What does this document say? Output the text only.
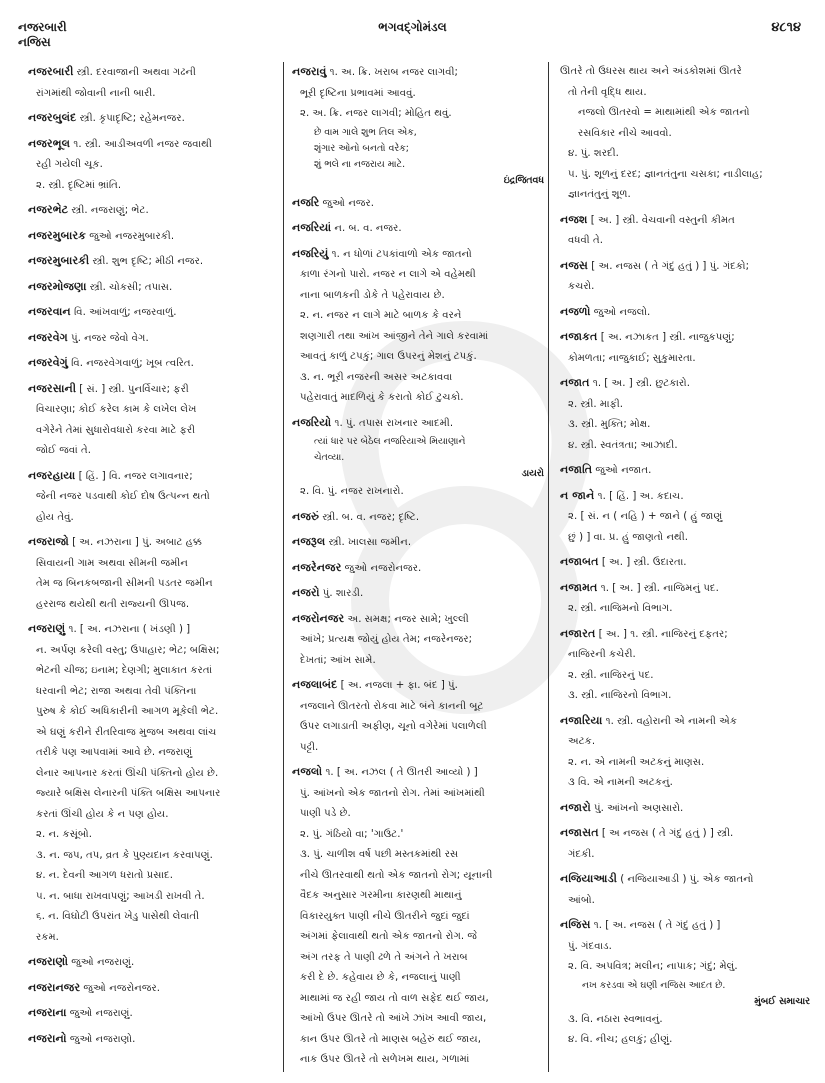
નજરબારી
નજિસ
ભગવદ્ગોમંડલ	૪૮૧૪
નજરબારી સ્ત્રી. દરવાજાની અથવા ગઢની
રાંગમાંથી જોવાની નાની બારી.
નજરબુલંદ સ્ત્રી. કૃપાદૃષ્ટિ; રહેમનજર.
નજરભૂલ ૧. સ્ત્રી. આડીઅવળી નજર જવાથી
રહી ગયેલી ચૂક.
૨. સ્ત્રી. દૃષ્ટિમાં ભ્રાંતિ.
નજરભેટ સ્ત્રી. નજરાણું; ભેટ.
નજરમુબારક જુઓ નજરમુબારકી.
નજરમુબારકી સ્ત્રી. શુભ દૃષ્ટિ; મીઠી નજર.
નજરમોજણા સ્ત્રી. ચોકસી; તપાસ.
નજરવાન વિ. આંખવાળું; નજરવાળું.
નજરવેગ પું. નજર જેવો વેગ.
નજરવેગું વિ. નજરવેગવાળું; ખૂબ ત્વરિત.
નજરસાની [ સં. ] સ્ત્રી. પુનર્વિચાર; ફરી
વિચારણા; કોઈ કરેલ કામ કે લખેલ લેખ
વગેરેને તેમાં સુધારોવધારો કરવા માટે ફરી
જોઈ જવાં તે.
નજરહાયા [ હિં. ] વિ. નજર લગાવનાર;
જેની નજર પડવાથી કોઈ દોષ ઉત્પન્ન થતો
હોય તેવું.
નજરાજો [ અ. નઝરાના ] પું. અબાટ હક્ક
સિવાયની ગામ અથવા સીમની જમીન
તેમ જ બિનકબજાની સીમની પડતર જમીન
હરરાજ થયેથી થતી રાજ્યની ઊપજ.
નજરાણું ૧. [ અ. નઝરાના ( ખંડણી ) ]
ન. અર્પણ કરેલી વસ્તુ; ઉપાહાર; ભેટ; બક્ષિસ;
ભેટની ચીજ; ઇનામ; દેણગી; મુલાકાત કરતાં
ધરવાની ભેટ; રાજા અથવા તેવી પંક્તિના
પુરુષ કે કોઈ અધિકારીની આગળ મૂકેલી ભેટ.
એ ઘણું કરીને રીતરિવાજ મુજબ અથવા લાંચ
તરીકે પણ આપવામાં આવે છે. નજરાણું
લેનાર આપનાર કરતાં ઊંચી પંક્તિનો હોય છે.
જ્યારે બક્ષિસ લેનારની પંક્તિ બક્ષિસ આપનાર
કરતાં ઊંચી હોય કે ન પણ હોય.
૨. ન. કસૂંબો.
૩. ન. જપ, તપ, વ્રત કે પુણ્યદાન કરવાપણું.
૪. ન. દેવની આગળ ધરાતો પ્રસાદ.
૫. ન. બાધા રાખવાપણું; આખડી રાખવી તે.
૬. ન. વિઘોટી ઉપરાંત ખેડુ પાસેથી લેવાતી
રકમ.
નજરાણો જુઓ નજરાણું.
નજરાનજર જુઓ નજરોનજર.
નજરાના જુઓ નજરાણું.
નજરાનો જુઓ નજરાણો.
નજરાવું ૧. અ. ક્રિ. ખરાબ નજર લાગવી;
ભૂરી દૃષ્ટિના પ્રભાવમાં આવવું.
૨. અ. ક્રિ. નજર લાગવી; મોહિત થવું.
છે વામ ગાલે શુભ તિલ એક,
શૃંગાર ઓનો બનતો વરેક;
શું ભલે ના નજરાય માટે.
ઇંદ્રજિતવધ
નજરિ જુઓ નજર.
નજરિયાં ન. બ. વ. નજર.
નજરિયું ૧. ન ધોળાં ટપકાંવાળો એક જાતનો
કાળા રંગનો પારો. નજર ન લાગે એ વહેમથી
નાના બાળકની ડોકે તે પહેરાવાય છે.
૨. ન. નજર ન લાગે માટે બાળક કે વરને
શણગારી તથા આંખ આંજીને તેને ગાલે કરવામાં
આવતું કાળું ટપકું; ગાલ ઉપરનું મેશનું ટપકું.
૩. ન. ભૂરી નજરની અસર અટકાવવા
પહેરાવાતું માદળિયું કે કરાતો કોઈ ટુચકો.
નજરિયો ૧. પું. તપાસ રાખનાર આદમી.
ત્યાં ધાર પર બેઠેલ નજરિયાએ મિયાણાને
ચેતવ્યા.
ડાયરો
૨. વિ. પું. નજર રાખનારો.
નજરું સ્ત્રી. બ. વ. નજર; દૃષ્ટિ.
નજરૂલ સ્ત્રી. ખાલસા જમીન.
નજરેનજર જુઓ નજરોનજર.
નજરો પું. શારડી.
નજરોનજર અ. સમક્ષ; નજર સામે; ખુલ્લી
આંખે; પ્રત્યક્ષ જોયું હોય તેમ; નજરેનજર;
દેખતાં; આંખ સામે.
નજલાબંદ [ અ. નજલા + ફા. બંદ ] પું.
નજલાને ઊતરતો રોકવા માટે બંને કાનની બૂટ
ઉપર લગાડાતી અફીણ, ચૂનો વગેરેમાં પલાળેલી
પટ્ટી.
નજલો ૧. [ અ. નઝલ ( તે ઊતરી આવ્યો ) ]
પું. આંખનો એક જાતનો રોગ. તેમાં આંખમાંથી
પાણી પડે છે.
૨. પું. ગંઠિયો વા; 'ગાઉટ.'
૩. પું. ચાળીશ વર્ષ પછી મસ્તકમાંથી રસ
નીચે ઊતરવાથી થતો એક જાતનો રોગ; યૂનાની
વૈદક અનુસાર ગરમીના કારણથી માથાનું
વિકારયુક્ત પાણી નીચે ઊતરીને જુદાં જુદાં
અંગમાં ફેલાવાથી થતો એક જાતનો રોગ. જે
અંગ તરફ તે પાણી ઢળે તે અંગને તે ખરાબ
કરી દે છે. કહેવાય છે કે, નજલાનું પાણી
માથામાં જ રહી જાય તો વાળ સફેદ થઈ જાય,
આંખો ઉપર ઊતરે તો આંખે ઝાંખ આવી જાય,
કાન ઉપર ઊતરે તો માણસ બહેરું થઈ જાય,
નાક ઉપર ઊતરે તો સળેખમ થાય, ગળામાં
ઊતરે તો ઉધરસ થાય અને અંડકોશમાં ઊતરે
તો તેની વૃદ્ધિ થાય.
નજલો ઊતરવો = માથામાંથી એક જાતનો
રસવિકાર નીચે આવવો.
૪. પું. શરદી.
૫. પું. શૂળનું દરદ; જ્ઞાનતંતુના ચસકા; નાડીલાહ;
જ્ઞાનતંતુનું શૂળ.
નજશ [ અ. ] સ્ત્રી. વેચવાની વસ્તુની કીમત
વધવી તે.
નજસ [ અ. નજસ ( તે ગંદું હતું ) ] પું. ગંદકો;
કચરો.
નજળો જુઓ નજલો.
નજાકત [ અ. નઝાકત ] સ્ત્રી. નાજુકપણું;
કોમળતા; નાજુકાઈ; સુકુમારતા.
નજાત ૧. [ અ. ] સ્ત્રી. છુટકારો.
૨. સ્ત્રી. માફી.
૩. સ્ત્રી. મુક્તિ; મોક્ષ.
૪. સ્ત્રી. સ્વતંત્રતા; આઝાદી.
નજાતિ જુઓ નજાત.
ન જાને ૧. [ હિં. ] અ. કદાચ.
૨. [ સં. ન ( નહિ ) + જાને ( હું જાણું
છું ) ] વા. પ્ર. હું જાણતો નથી.
નજાબત [ અ. ] સ્ત્રી. ઉદારતા.
નજામત ૧. [ અ. ] સ્ત્રી. નાજિમનું પદ.
૨. સ્ત્રી. નાજિમનો વિભાગ.
નજારત [ અ. ] ૧. સ્ત્રી. નાજિરનું દફતર;
નાજિરની કચેરી.
૨. સ્ત્રી. નાજિરનું પદ.
૩. સ્ત્રી. નાજિરનો વિભાગ.
નજારિયા ૧. સ્ત્રી. વહોરાની એ નામની એક
અટક.
૨. ન. એ નામની અટકનું માણસ.
૩ વિ. એ નામની અટકનું.
નજારો પું. આંખનો અણસારો.
નજાસત [ અ નજસ ( તે ગંદું હતું ) ] સ્ત્રી.
ગંદકી.
નજિયાઆડી ( નજિયાઆડી ) પું. એક જાતનો
આંબો.
નજિસ ૧. [ અ. નજસ ( તે ગંદું હતું ) ]
પું. ગંદવાડ.
૨. વિ. અપવિત્ર; મલીન; નાપાક; ગંદું; મેલું.
નખ કરડવા એ ઘણી નજિસ આદત છે.
મુંબઈ સમાચાર
૩. વિ. નઠારા સ્વભાવનું.
૪. વિ. નીચ; હલકું; હીણું.
